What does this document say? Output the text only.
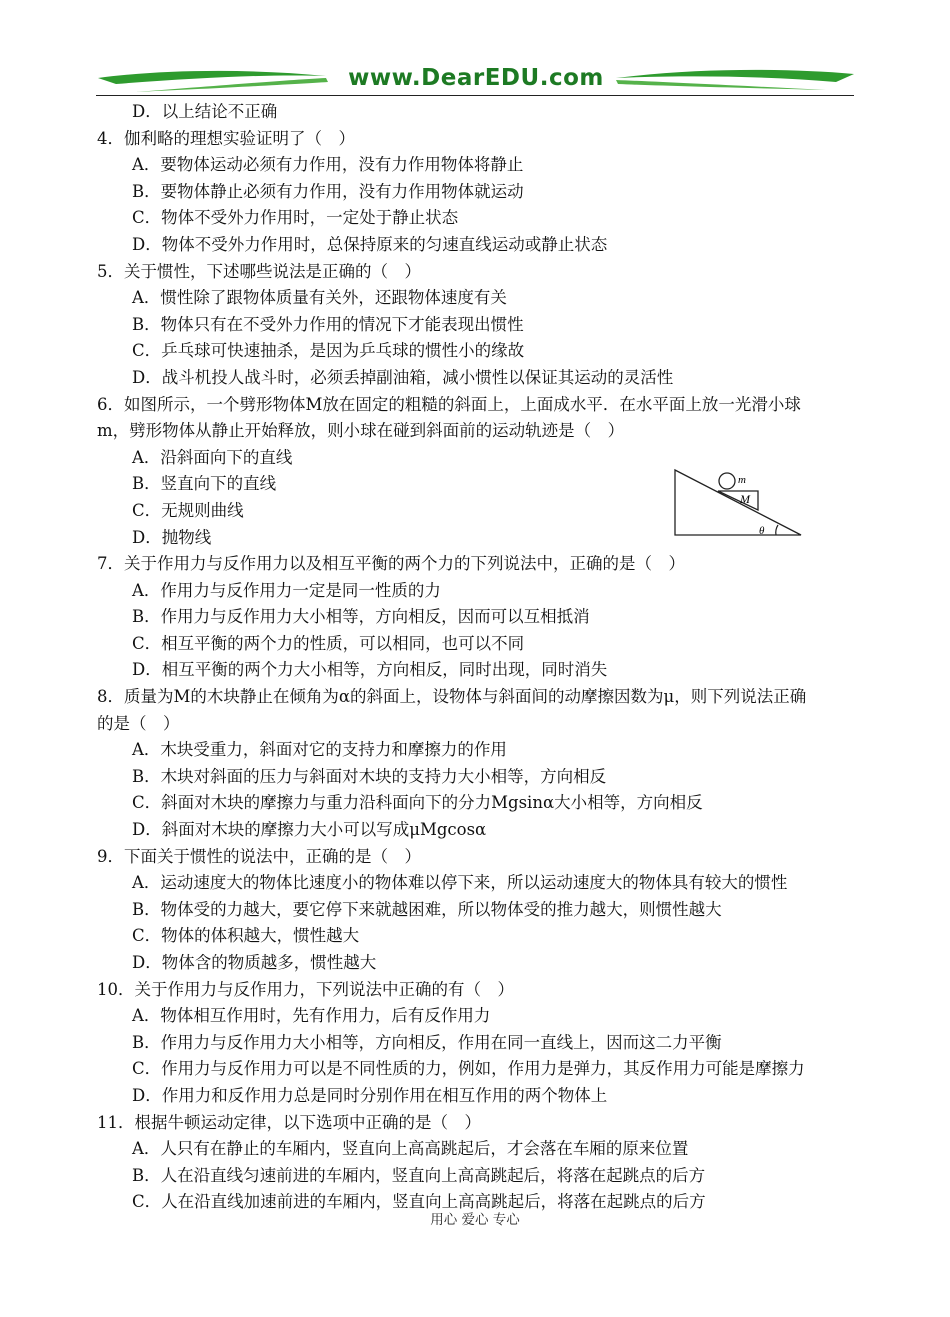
www.DearEDU.com
D．以上结论不正确
4．伽利略的理想实验证明了（　）
A．要物体运动必须有力作用，没有力作用物体将静止
B．要物体静止必须有力作用，没有力作用物体就运动
C．物体不受外力作用时，一定处于静止状态
D．物体不受外力作用时，总保持原来的匀速直线运动或静止状态
5．关于惯性，下述哪些说法是正确的（　）
A．惯性除了跟物体质量有关外，还跟物体速度有关
B．物体只有在不受外力作用的情况下才能表现出惯性
C．乒乓球可快速抽杀，是因为乒乓球的惯性小的缘故
D．战斗机投人战斗时，必须丢掉副油箱，减小惯性以保证其运动的灵活性
6．如图所示，一个劈形物体M放在固定的粗糙的斜面上，上面成水平．在水平面上放一光滑小球
m，劈形物体从静止开始释放，则小球在碰到斜面前的运动轨迹是（　）
A．沿斜面向下的直线
B．竖直向下的直线
C．无规则曲线
D．抛物线
7．关于作用力与反作用力以及相互平衡的两个力的下列说法中，正确的是（　）
A．作用力与反作用力一定是同一性质的力
B．作用力与反作用力大小相等，方向相反，因而可以互相抵消
C．相互平衡的两个力的性质，可以相同，也可以不同
D．相互平衡的两个力大小相等，方向相反，同时出现，同时消失
8．质量为M的木块静止在倾角为α的斜面上，设物体与斜面间的动摩擦因数为μ，则下列说法正确
的是（　）
A．木块受重力，斜面对它的支持力和摩擦力的作用
B．木块对斜面的压力与斜面对木块的支持力大小相等，方向相反
C．斜面对木块的摩擦力与重力沿科面向下的分力Mgsinα大小相等，方向相反
D．斜面对木块的摩擦力大小可以写成μMgcosα
9．下面关于惯性的说法中，正确的是（　）
A．运动速度大的物体比速度小的物体难以停下来，所以运动速度大的物体具有较大的惯性
B．物体受的力越大，要它停下来就越困难，所以物体受的推力越大，则惯性越大
C．物体的体积越大，惯性越大
D．物体含的物质越多，惯性越大
10．关于作用力与反作用力，下列说法中正确的有（　）
A．物体相互作用时，先有作用力，后有反作用力
B．作用力与反作用力大小相等，方向相反，作用在同一直线上，因而这二力平衡
C．作用力与反作用力可以是不同性质的力，例如，作用力是弹力，其反作用力可能是摩擦力
D．作用力和反作用力总是同时分别作用在相互作用的两个物体上
11．根据牛顿运动定律，以下选项中正确的是（　）
A．人只有在静止的车厢内，竖直向上高高跳起后，才会落在车厢的原来位置
B．人在沿直线匀速前进的车厢内，竖直向上高高跳起后，将落在起跳点的后方
C．人在沿直线加速前进的车厢内，竖直向上高高跳起后，将落在起跳点的后方
m
M
θ
用心 爱心 专心
